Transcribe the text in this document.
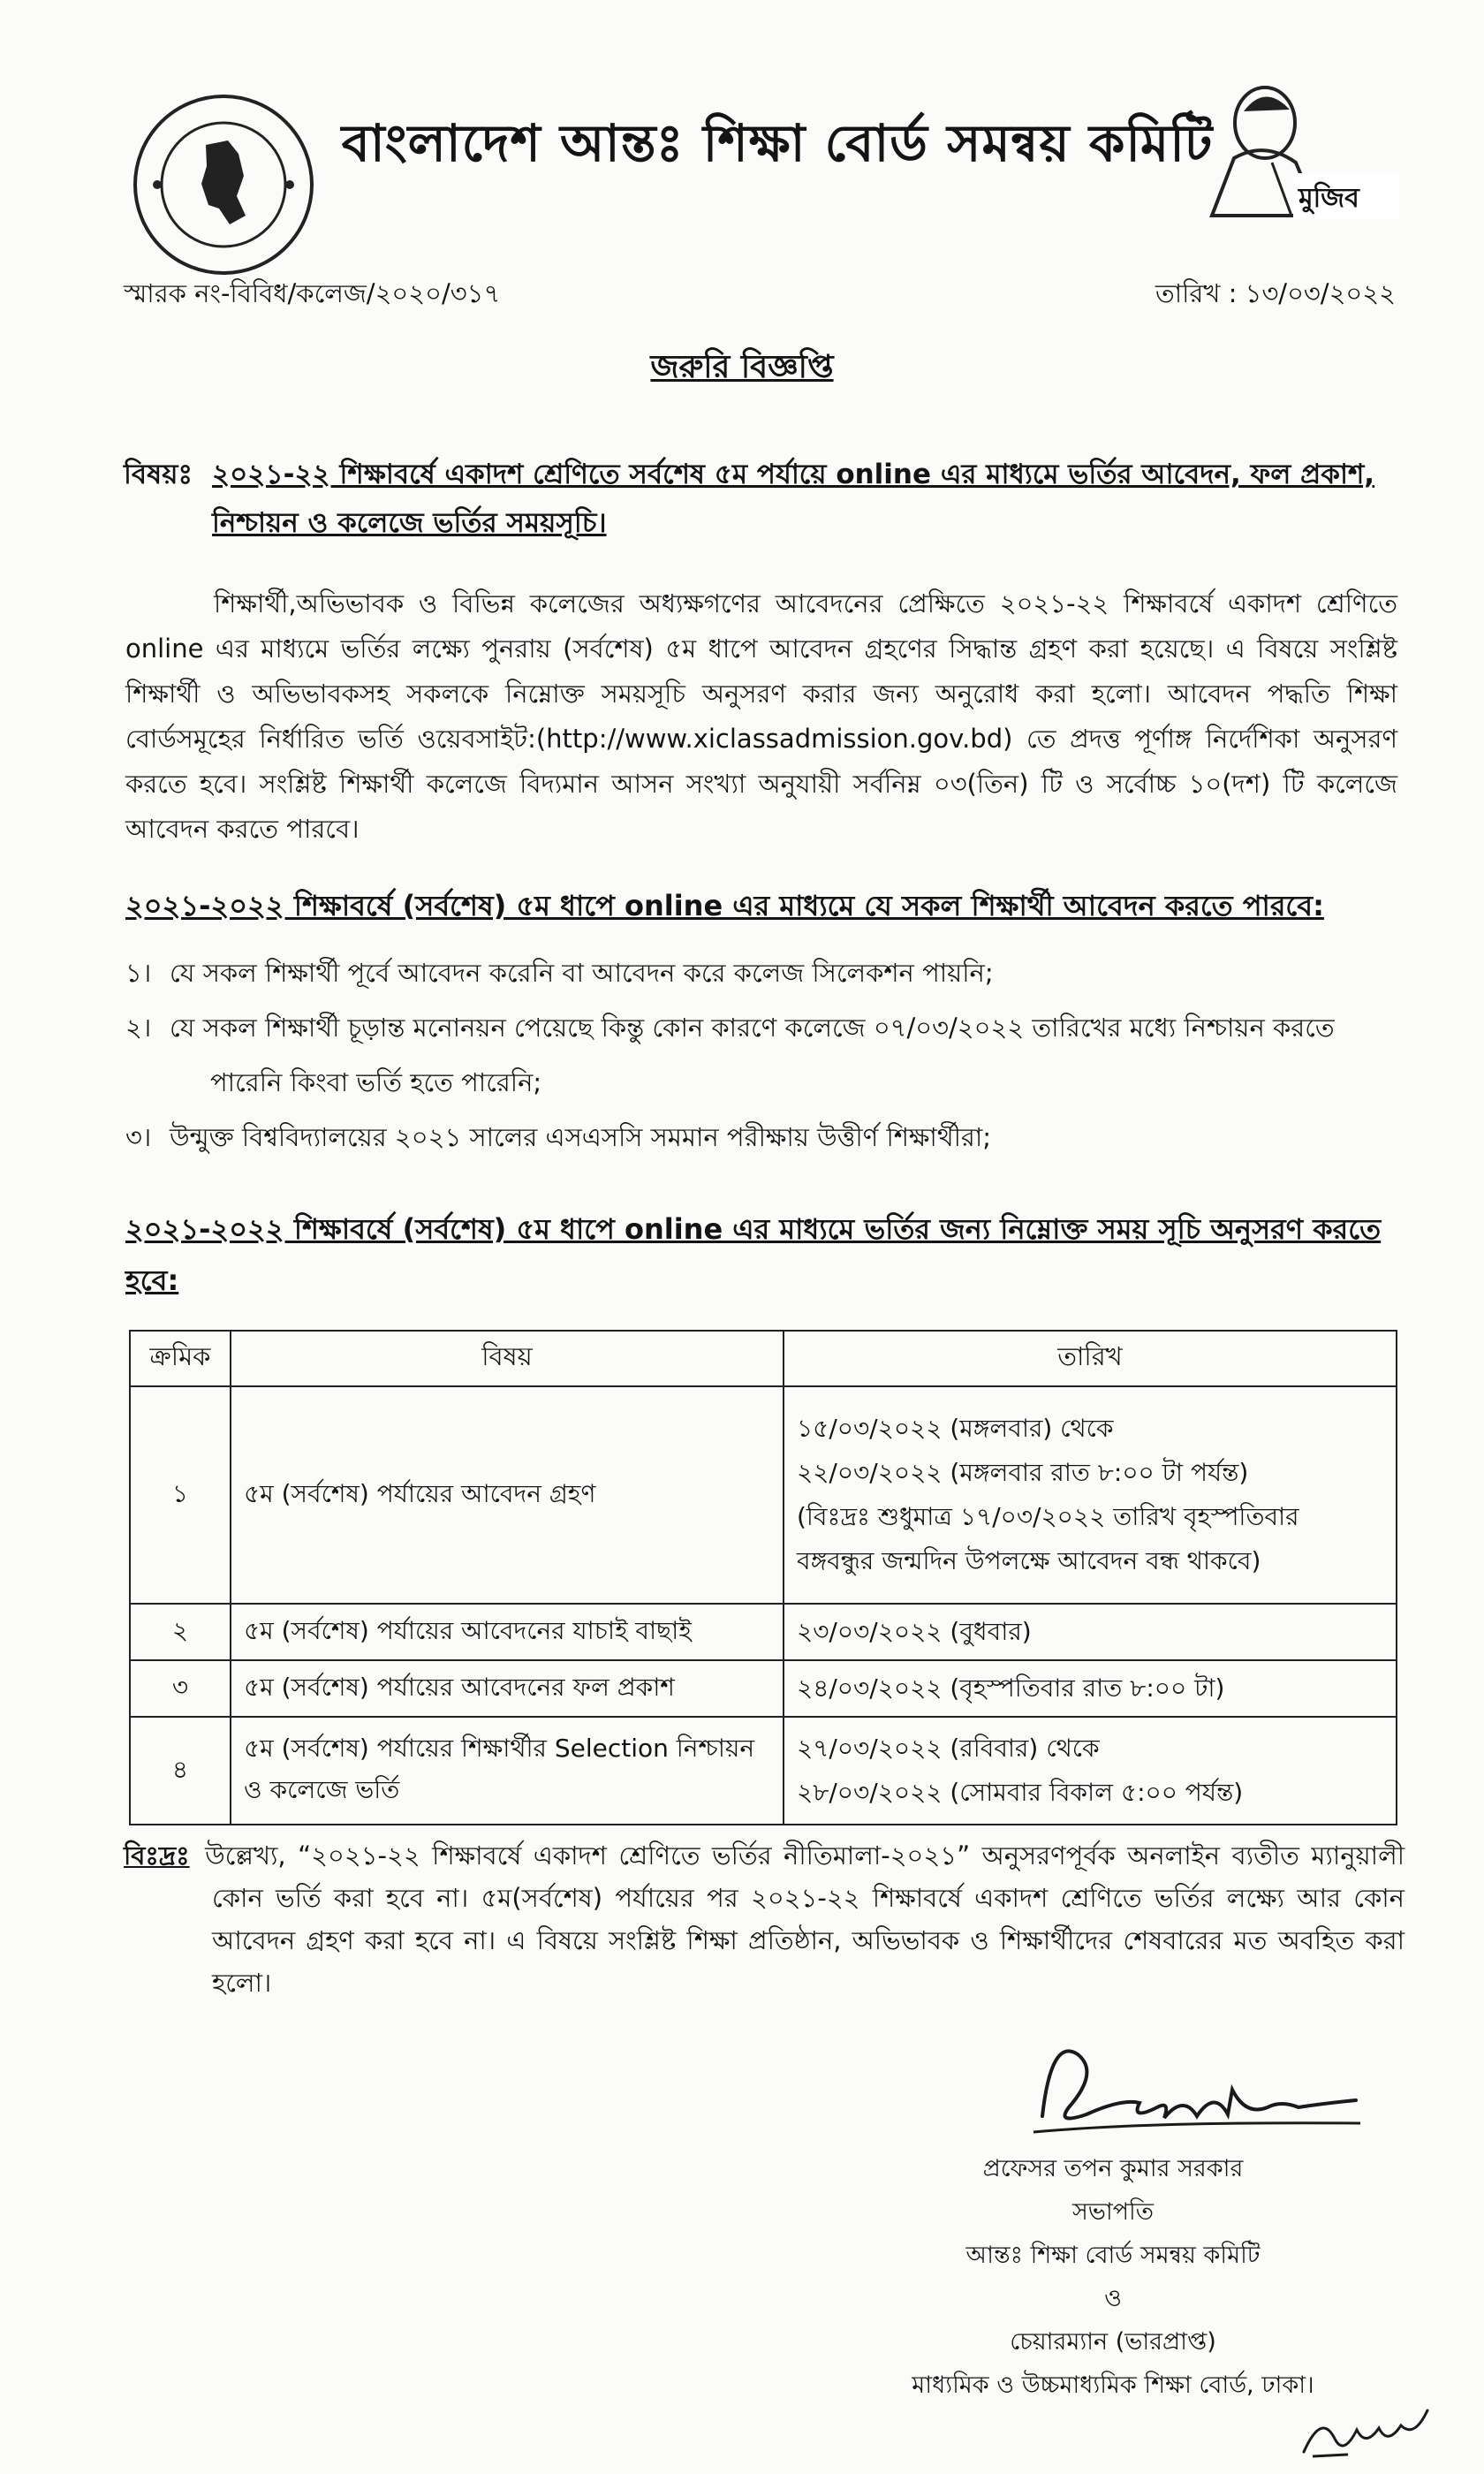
বাংলাদেশ আন্তঃ শিক্ষা বোর্ড সমন্বয় কমিটি
মুজিব
স্মারক নং-বিবিধ/কলেজ/২০২০/৩১৭	তারিখ : ১৩/০৩/২০২২
জরুরি বিজ্ঞপ্তি
বিষয়ঃ ২০২১-২২ শিক্ষাবর্ষে একাদশ শ্রেণিতে সর্বশেষ ৫ম পর্যায়ে online এর মাধ্যমে ভর্তির আবেদন, ফল প্রকাশ, নিশ্চায়ন ও কলেজে ভর্তির সময়সূচি।
শিক্ষার্থী,অভিভাবক ও বিভিন্ন কলেজের অধ্যক্ষগণের আবেদনের প্রেক্ষিতে ২০২১-২২ শিক্ষাবর্ষে একাদশ শ্রেণিতে online এর মাধ্যমে ভর্তির লক্ষ্যে পুনরায় (সর্বশেষ) ৫ম ধাপে আবেদন গ্রহণের সিদ্ধান্ত গ্রহণ করা হয়েছে। এ বিষয়ে সংশ্লিষ্ট শিক্ষার্থী ও অভিভাবকসহ সকলকে নিম্নোক্ত সময়সূচি অনুসরণ করার জন্য অনুরোধ করা হলো। আবেদন পদ্ধতি শিক্ষা বোর্ডসমূহের নির্ধারিত ভর্তি ওয়েবসাইট:(http://www.xiclassadmission.gov.bd) তে প্রদত্ত পূর্ণাঙ্গ নির্দেশিকা অনুসরণ করতে হবে। সংশ্লিষ্ট শিক্ষার্থী কলেজে বিদ্যমান আসন সংখ্যা অনুযায়ী সর্বনিম্ন ০৩(তিন) টি ও সর্বোচ্চ ১০(দশ) টি কলেজে আবেদন করতে পারবে।
২০২১-২০২২ শিক্ষাবর্ষে (সর্বশেষ) ৫ম ধাপে online এর মাধ্যমে যে সকল শিক্ষার্থী আবেদন করতে পারবে:
১। যে সকল শিক্ষার্থী পূর্বে আবেদন করেনি বা আবেদন করে কলেজ সিলেকশন পায়নি;
২। যে সকল শিক্ষার্থী চূড়ান্ত মনোনয়ন পেয়েছে কিন্তু কোন কারণে কলেজে ০৭/০৩/২০২২ তারিখের মধ্যে নিশ্চায়ন করতে
পারেনি কিংবা ভর্তি হতে পারেনি;
৩। উন্মুক্ত বিশ্ববিদ্যালয়ের ২০২১ সালের এসএসসি সমমান পরীক্ষায় উত্তীর্ণ শিক্ষার্থীরা;
২০২১-২০২২ শিক্ষাবর্ষে (সর্বশেষ) ৫ম ধাপে online এর মাধ্যমে ভর্তির জন্য নিম্নোক্ত সময় সূচি অনুসরণ করতে হবে:
ক্রমিক	বিষয়	তারিখ
১	৫ম (সর্বশেষ) পর্যায়ের আবেদন গ্রহণ	১৫/০৩/২০২২ (মঙ্গলবার) থেকে
২২/০৩/২০২২ (মঙ্গলবার রাত ৮:০০ টা পর্যন্ত)
(বিঃদ্রঃ শুধুমাত্র ১৭/০৩/২০২২ তারিখ বৃহস্পতিবার
বঙ্গবন্ধুর জন্মদিন উপলক্ষে আবেদন বন্ধ থাকবে)

২	৫ম (সর্বশেষ) পর্যায়ের আবেদনের যাচাই বাছাই	২৩/০৩/২০২২ (বুধবার)

৩	৫ম (সর্বশেষ) পর্যায়ের আবেদনের ফল প্রকাশ	২৪/০৩/২০২২ (বৃহস্পতিবার রাত ৮:০০ টা)

৪	৫ম (সর্বশেষ) পর্যায়ের শিক্ষার্থীর Selection নিশ্চায়ন ও কলেজে ভর্তি	২৭/০৩/২০২২ (রবিবার) থেকে
২৮/০৩/২০২২ (সোমবার বিকাল ৫:০০ পর্যন্ত)
বিঃদ্রঃ উল্লেখ্য, “২০২১-২২ শিক্ষাবর্ষে একাদশ শ্রেণিতে ভর্তির নীতিমালা-২০২১” অনুসরণপূর্বক অনলাইন ব্যতীত ম্যানুয়ালী কোন ভর্তি করা হবে না। ৫ম(সর্বশেষ) পর্যায়ের পর ২০২১-২২ শিক্ষাবর্ষে একাদশ শ্রেণিতে ভর্তির লক্ষ্যে আর কোন আবেদন গ্রহণ করা হবে না। এ বিষয়ে সংশ্লিষ্ট শিক্ষা প্রতিষ্ঠান, অভিভাবক ও শিক্ষার্থীদের শেষবারের মত অবহিত করা হলো।
প্রফেসর তপন কুমার সরকার
সভাপতি
আন্তঃ শিক্ষা বোর্ড সমন্বয় কমিটি
ও
চেয়ারম্যান (ভারপ্রাপ্ত)
মাধ্যমিক ও উচ্চমাধ্যমিক শিক্ষা বোর্ড, ঢাকা।
